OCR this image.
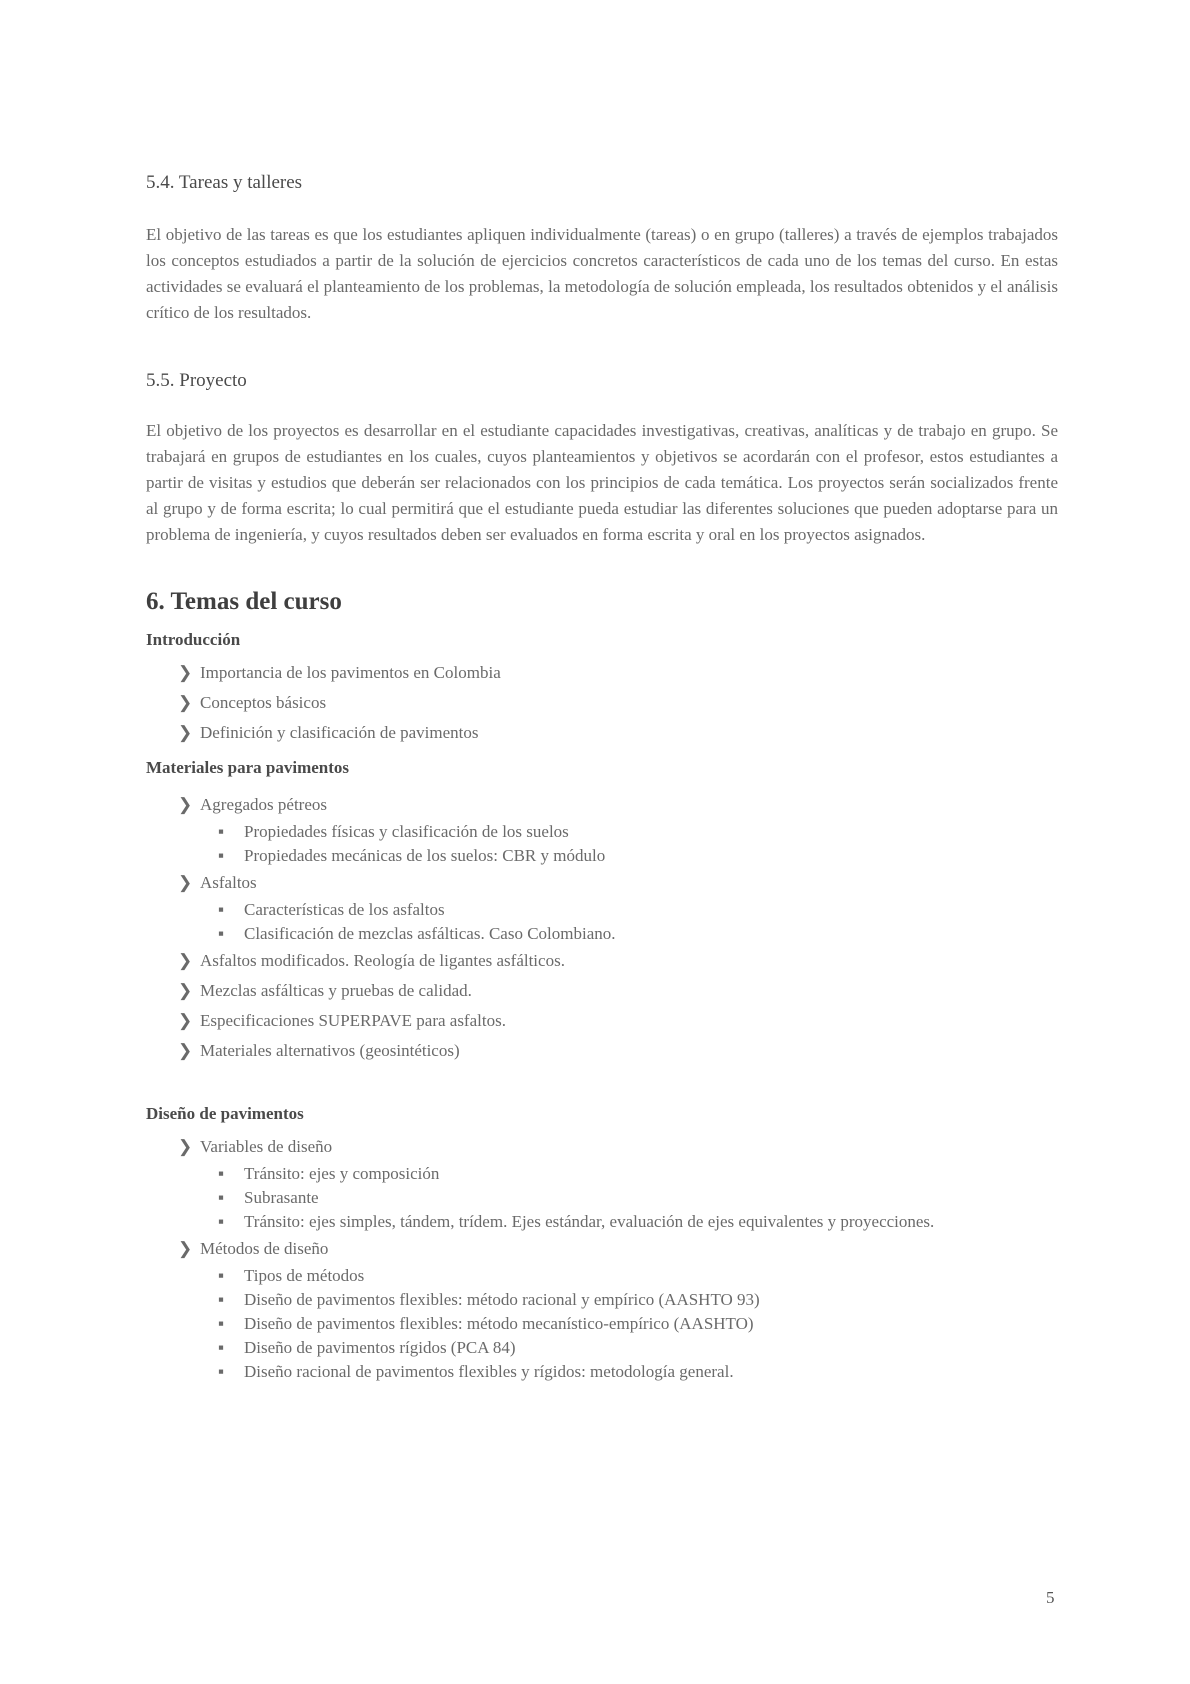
5.4. Tareas y talleres

El objetivo de las tareas es que los estudiantes apliquen individualmente (tareas) o en grupo (talleres) a través de ejemplos trabajados los conceptos estudiados a partir de la solución de ejercicios concretos característicos de cada uno de los temas del curso. En estas actividades se evaluará el planteamiento de los problemas, la metodología de solución empleada, los resultados obtenidos y el análisis crítico de los resultados.

5.5. Proyecto

El objetivo de los proyectos es desarrollar en el estudiante capacidades investigativas, creativas, analíticas y de trabajo en grupo. Se trabajará en grupos de estudiantes en los cuales, cuyos planteamientos y objetivos se acordarán con el profesor, estos estudiantes a partir de visitas y estudios que deberán ser relacionados con los principios de cada temática. Los proyectos serán socializados frente al grupo y de forma escrita; lo cual permitirá que el estudiante pueda estudiar las diferentes soluciones que pueden adoptarse para un problema de ingeniería, y cuyos resultados deben ser evaluados en forma escrita y oral en los proyectos asignados.

6. Temas del curso
Introducción
❯ Importancia de los pavimentos en Colombia
❯ Conceptos básicos
❯ Definición y clasificación de pavimentos
Materiales para pavimentos
❯ Agregados pétreos
▪ Propiedades físicas y clasificación de los suelos
▪ Propiedades mecánicas de los suelos: CBR y módulo
❯ Asfaltos
▪ Características de los asfaltos
▪ Clasificación de mezclas asfálticas. Caso Colombiano.
❯ Asfaltos modificados. Reología de ligantes asfálticos.
❯ Mezclas asfálticas y pruebas de calidad.
❯ Especificaciones SUPERPAVE para asfaltos.
❯ Materiales alternativos (geosintéticos)
Diseño de pavimentos
❯ Variables de diseño
▪ Tránsito: ejes y composición
▪ Subrasante
▪ Tránsito: ejes simples, tándem, trídem. Ejes estándar, evaluación de ejes equivalentes y proyecciones.
❯ Métodos de diseño
▪ Tipos de métodos
▪ Diseño de pavimentos flexibles: método racional y empírico (AASHTO 93)
▪ Diseño de pavimentos flexibles: método mecanístico-empírico (AASHTO)
▪ Diseño de pavimentos rígidos (PCA 84)
▪ Diseño racional de pavimentos flexibles y rígidos: metodología general.
5
